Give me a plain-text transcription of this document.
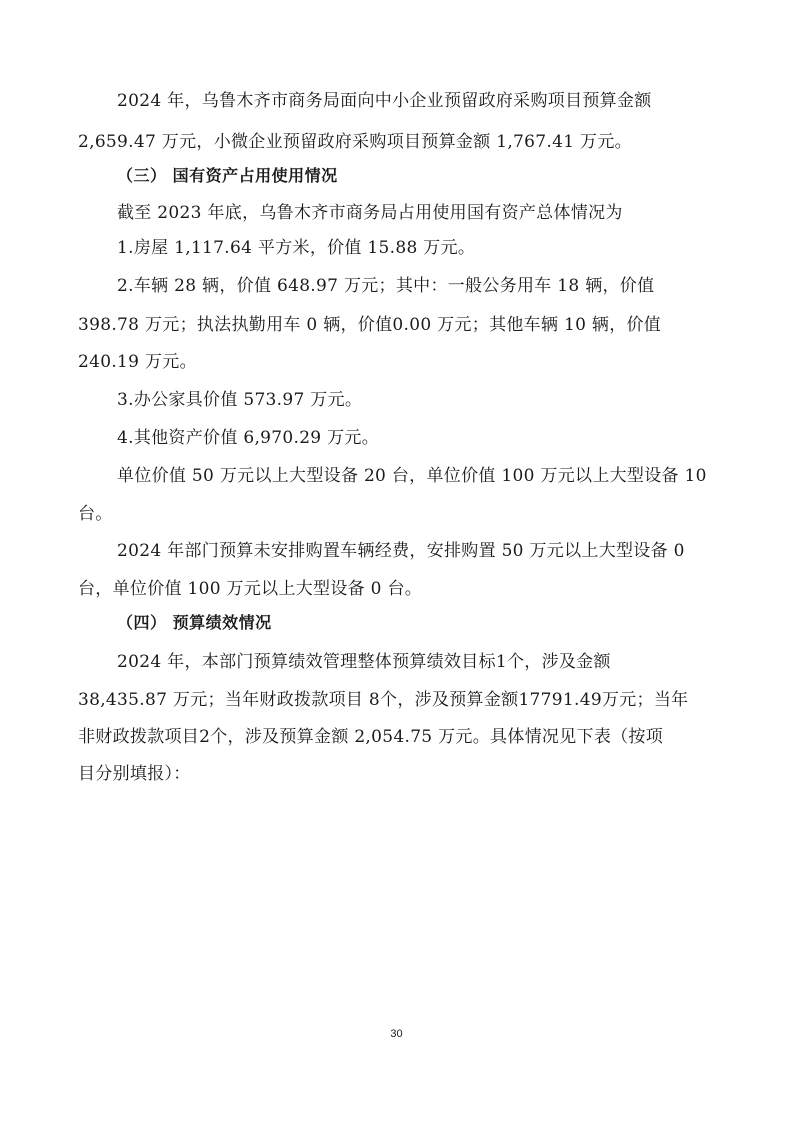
2024 年，乌鲁木齐市商务局面向中小企业预留政府采购项目预算金额
2,659.47 万元，小微企业预留政府采购项目预算金额 1,767.41 万元。
（三） 国有资产占用使用情况
截至 2023 年底，乌鲁木齐市商务局占用使用国有资产总体情况为
1.房屋 1,117.64 平方米，价值 15.88 万元。
2.车辆 28 辆，价值 648.97 万元；其中：一般公务用车 18 辆，价值
398.78 万元；执法执勤用车 0 辆，价值0.00 万元；其他车辆 10 辆，价值
240.19 万元。
3.办公家具价值 573.97 万元。
4.其他资产价值 6,970.29 万元。
单位价值 50 万元以上大型设备 20 台，单位价值 100 万元以上大型设备 10
台。
2024 年部门预算未安排购置车辆经费，安排购置 50 万元以上大型设备 0
台，单位价值 100 万元以上大型设备 0 台。
（四） 预算绩效情况
2024 年，本部门预算绩效管理整体预算绩效目标1个，涉及金额
38,435.87 万元；当年财政拨款项目 8个，涉及预算金额17791.49万元；当年
非财政拨款项目2个，涉及预算金额 2,054.75 万元。具体情况见下表（按项
目分别填报）：
30
